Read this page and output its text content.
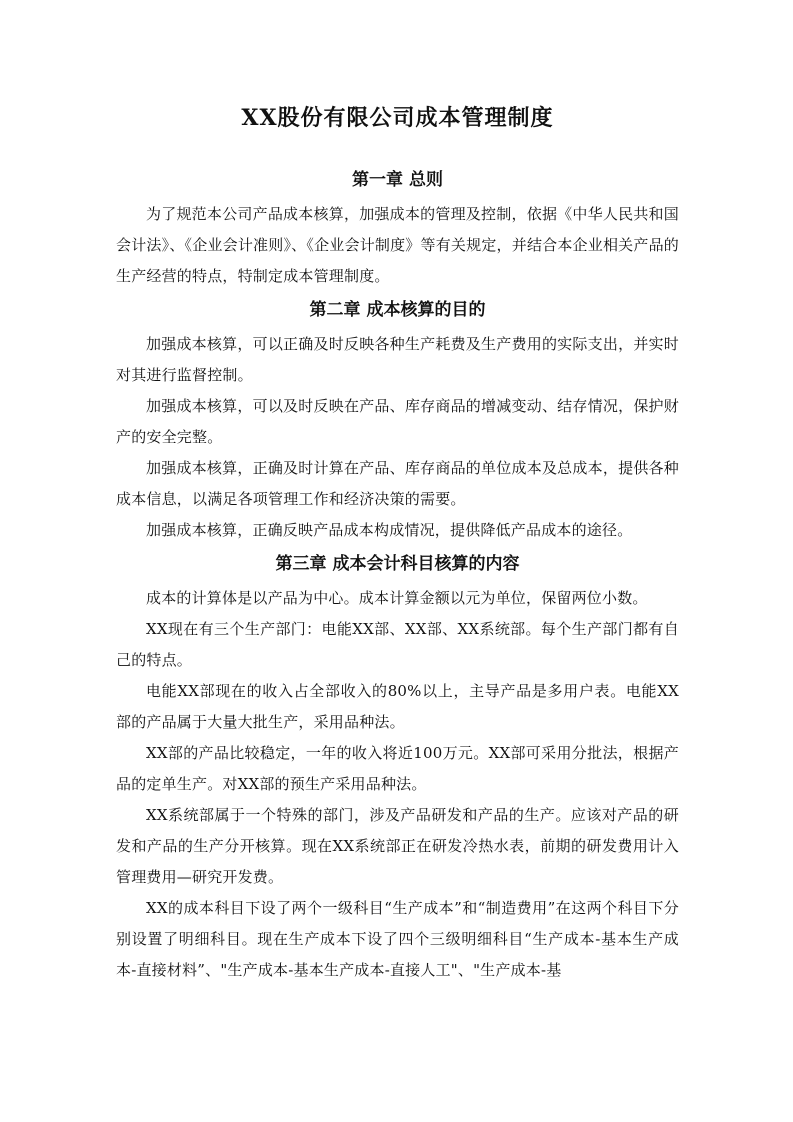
XX股份有限公司成本管理制度
第一章 总则

为了规范本公司产品成本核算，加强成本的管理及控制，依据《中华人民共和国会计法》、《企业会计准则》、《企业会计制度》等有关规定，并结合本企业相关产品的生产经营的特点，特制定成本管理制度。

第二章 成本核算的目的

加强成本核算，可以正确及时反映各种生产耗费及生产费用的实际支出，并实时对其进行监督控制。

加强成本核算，可以及时反映在产品、库存商品的增减变动、结存情况，保护财产的安全完整。

加强成本核算，正确及时计算在产品、库存商品的单位成本及总成本，提供各种成本信息，以满足各项管理工作和经济决策的需要。

加强成本核算，正确反映产品成本构成情况，提供降低产品成本的途径。

第三章 成本会计科目核算的内容

成本的计算体是以产品为中心。成本计算金额以元为单位，保留两位小数。

XX现在有三个生产部门：电能XX部、XX部、XX系统部。每个生产部门都有自己的特点。

电能XX部现在的收入占全部收入的80%以上，主导产品是多用户表。电能XX部的产品属于大量大批生产，采用品种法。

XX部的产品比较稳定，一年的收入将近100万元。XX部可采用分批法，根据产品的定单生产。对XX部的预生产采用品种法。

XX系统部属于一个特殊的部门，涉及产品研发和产品的生产。应该对产品的研发和产品的生产分开核算。现在XX系统部正在研发冷热水表，前期的研发费用计入管理费用—研究开发费。

XX的成本科目下设了两个一级科目“生产成本”和“制造费用”在这两个科目下分别设置了明细科目。现在生产成本下设了四个三级明细科目“生产成本-基本生产成本-直接材料”、"生产成本-基本生产成本-直接人工"、"生产成本-基
